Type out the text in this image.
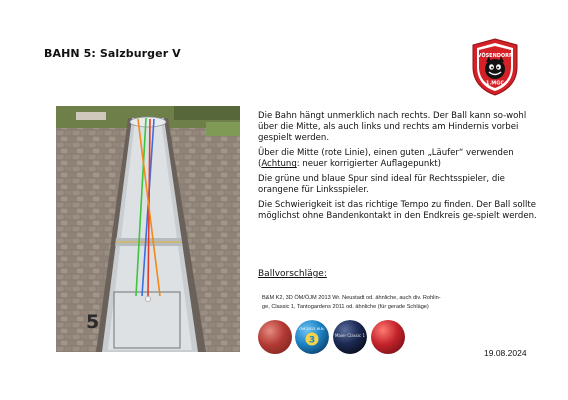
BAHN 5: Salzburger V	VÖSENDORF
1.MGC
5

Die Bahn hängt unmerklich nach rechts. Der Ball kann so-wohl über die Mitte, als auch links und rechts am Hindernis vorbei gespielt werden.

Über die Mitte (rote Linie), einen guten „Läufer“ verwenden (Achtung: neuer korrigierter Auflagepunkt)

Die grüne und blaue Spur sind ideal für Rechtsspieler, die orangene für Linksspieler.

Die Schwierigkeit ist das richtige Tempo zu finden. Der Ball sollte möglichst ohne Bandenkontakt in den Endkreis ge-spielt werden.

Ballvorschläge:
B&M K2, 3D ÖM/ÖJM 2013 Wr. Neustadt od. ähnliche, auch div. Rohlin-
ge, Classic 1, Tantogardens 2011 od. ähnliche (für gerade Schläge)
ÖM 2013 W.N.
3	Maier Classic 1
19.08.2024
